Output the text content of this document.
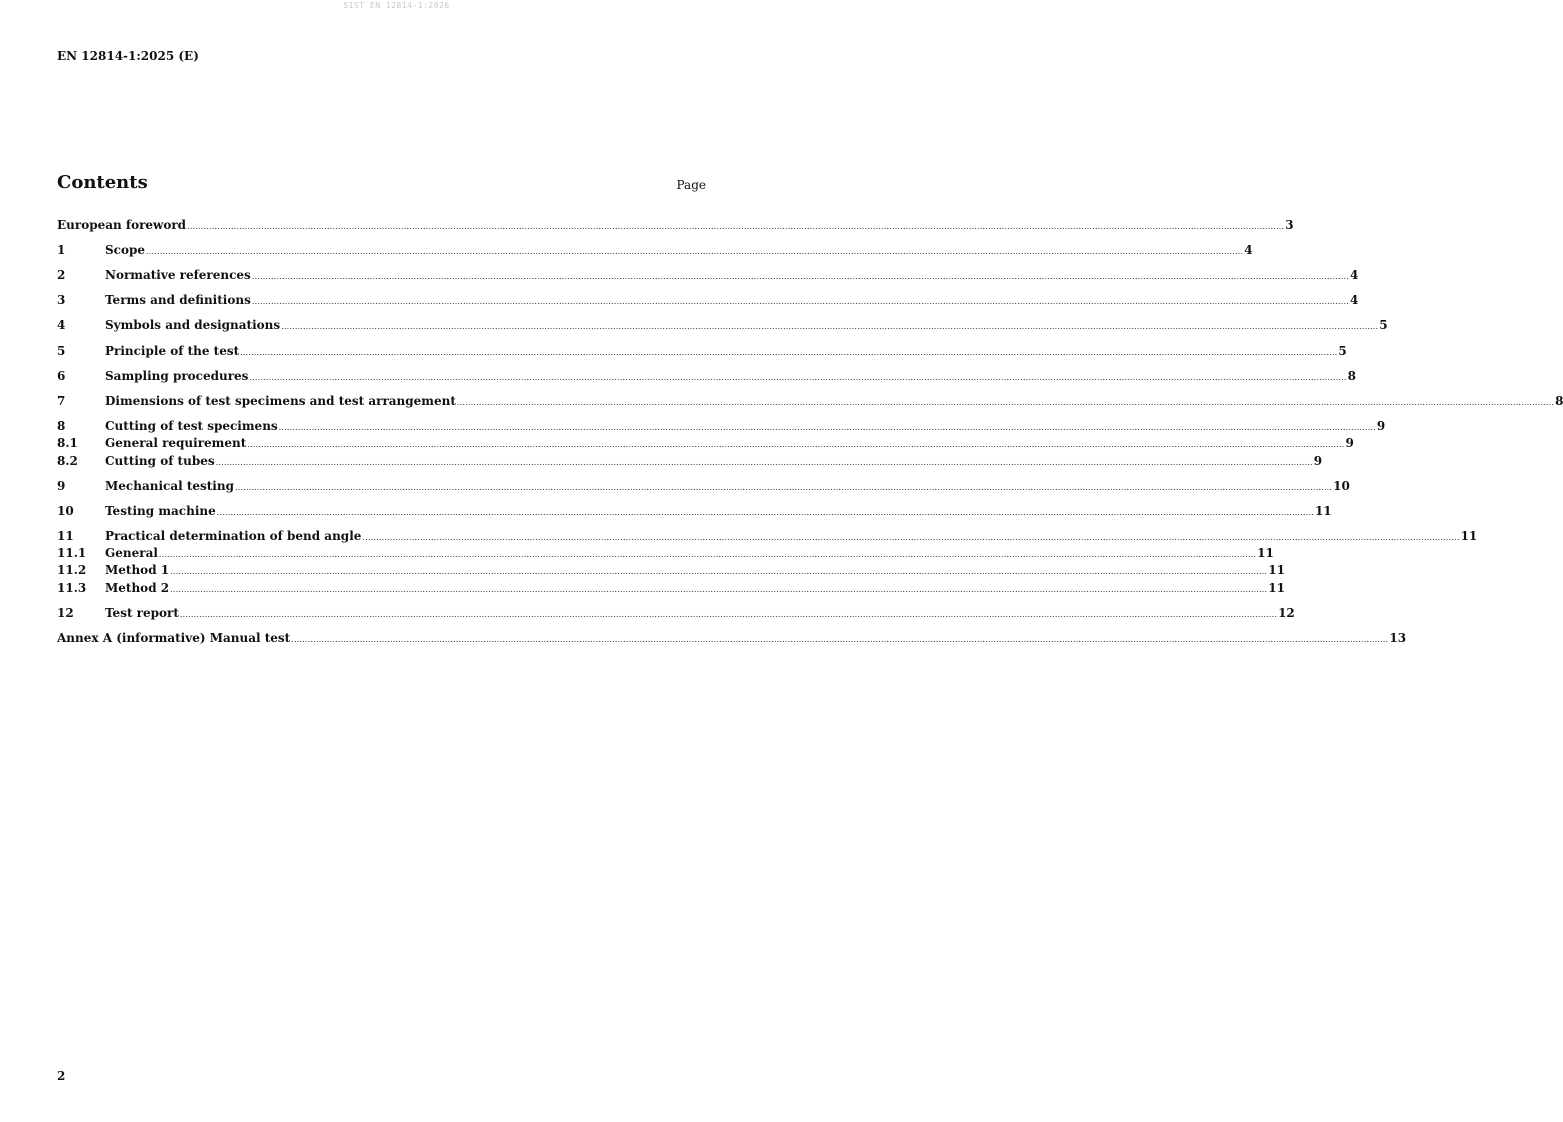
SIST EN 12814-1:2026
EN 12814-1:2025 (E)
Contents	Page
European foreword ................................................................................................................................................................................................................................................................................................................................................................................................................ 3
1	Scope ................................................................................................................................................................................................................................................................................................................................................................................................................ 4
2	Normative references ................................................................................................................................................................................................................................................................................................................................................................................................................ 4
3	Terms and definitions ................................................................................................................................................................................................................................................................................................................................................................................................................ 4
4	Symbols and designations ................................................................................................................................................................................................................................................................................................................................................................................................................ 5
5	Principle of the test ................................................................................................................................................................................................................................................................................................................................................................................................................ 5
6	Sampling procedures ................................................................................................................................................................................................................................................................................................................................................................................................................ 8
7	Dimensions of test specimens and test arrangement ................................................................................................................................................................................................................................................................................................................................................................................................................ 8
8	Cutting of test specimens ................................................................................................................................................................................................................................................................................................................................................................................................................ 9
8.1	General requirement ................................................................................................................................................................................................................................................................................................................................................................................................................ 9
8.2	Cutting of tubes ................................................................................................................................................................................................................................................................................................................................................................................................................ 9
9	Mechanical testing ................................................................................................................................................................................................................................................................................................................................................................................................................ 10
10	Testing machine ................................................................................................................................................................................................................................................................................................................................................................................................................ 11
11	Practical determination of bend angle ................................................................................................................................................................................................................................................................................................................................................................................................................ 11
11.1	General ................................................................................................................................................................................................................................................................................................................................................................................................................ 11
11.2	Method 1 ................................................................................................................................................................................................................................................................................................................................................................................................................ 11
11.3	Method 2 ................................................................................................................................................................................................................................................................................................................................................................................................................ 11
12	Test report ................................................................................................................................................................................................................................................................................................................................................................................................................ 12
Annex A (informative) Manual test ................................................................................................................................................................................................................................................................................................................................................................................................................ 13
2
